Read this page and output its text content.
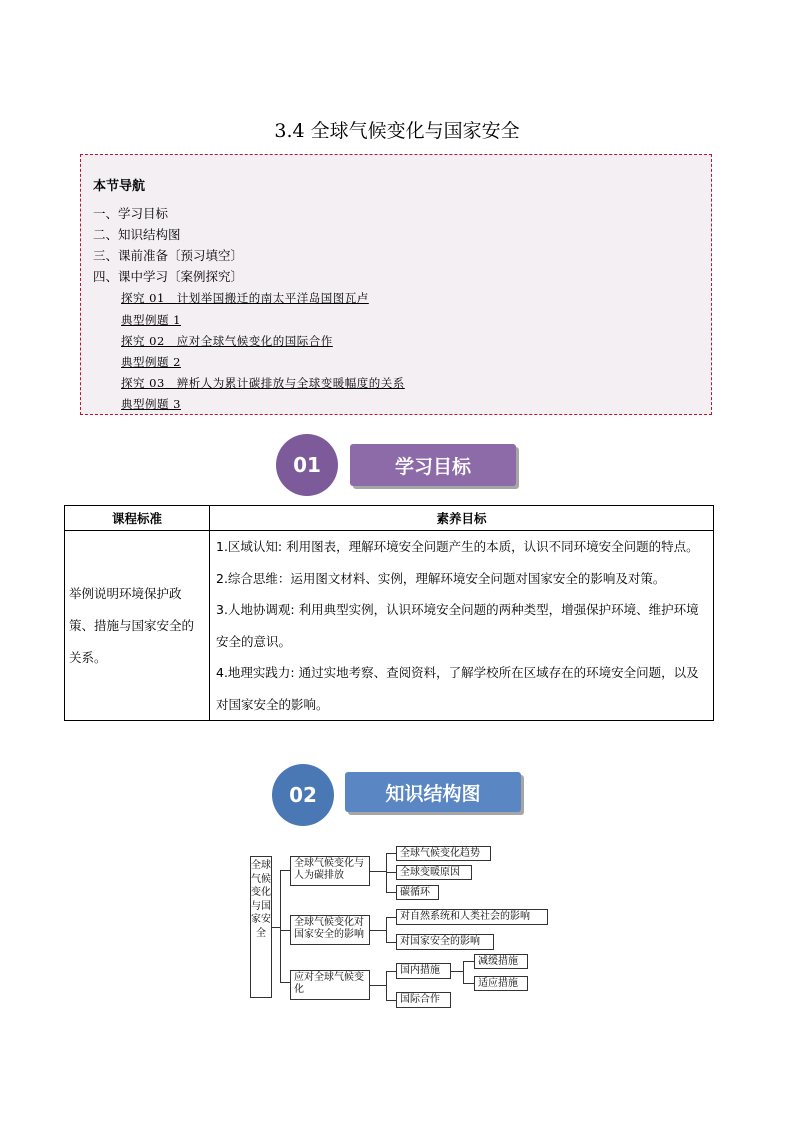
3.4 全球气候变化与国家安全
本节导航
一、学习目标
二、知识结构图
三、课前准备〔预习填空〕
四、课中学习〔案例探究〕
探究 01　计划举国搬迁的南太平洋岛国图瓦卢
典型例题 1
探究 02　应对全球气候变化的国际合作
典型例题 2
探究 03　辨析人为累计碳排放与全球变暖幅度的关系
典型例题 3
01	学习目标
课程标准	素养目标
举例说明环境保护政策、措施与国家安全的关系。	1.区域认知: 利用图表，理解环境安全问题产生的本质，认识不同环境安全问题的特点。
2.综合思维：运用图文材料、实例，理解环境安全问题对国家安全的影响及对策。
3.人地协调观: 利用典型实例，认识环境安全问题的两种类型，增强保护环境、维护环境安全的意识。
4.地理实践力: 通过实地考察、查阅资料，了解学校所在区域存在的环境安全问题，以及对国家安全的影响。
02	知识结构图
全球气候变化与国家安全
全球气候变化与人为碳排放
全球气候变化对国家安全的影响
应对全球气候变化
全球气候变化趋势
全球变暖原因
碳循环
对自然系统和人类社会的影响
对国家安全的影响
国内措施
国际合作
减缓措施
适应措施
